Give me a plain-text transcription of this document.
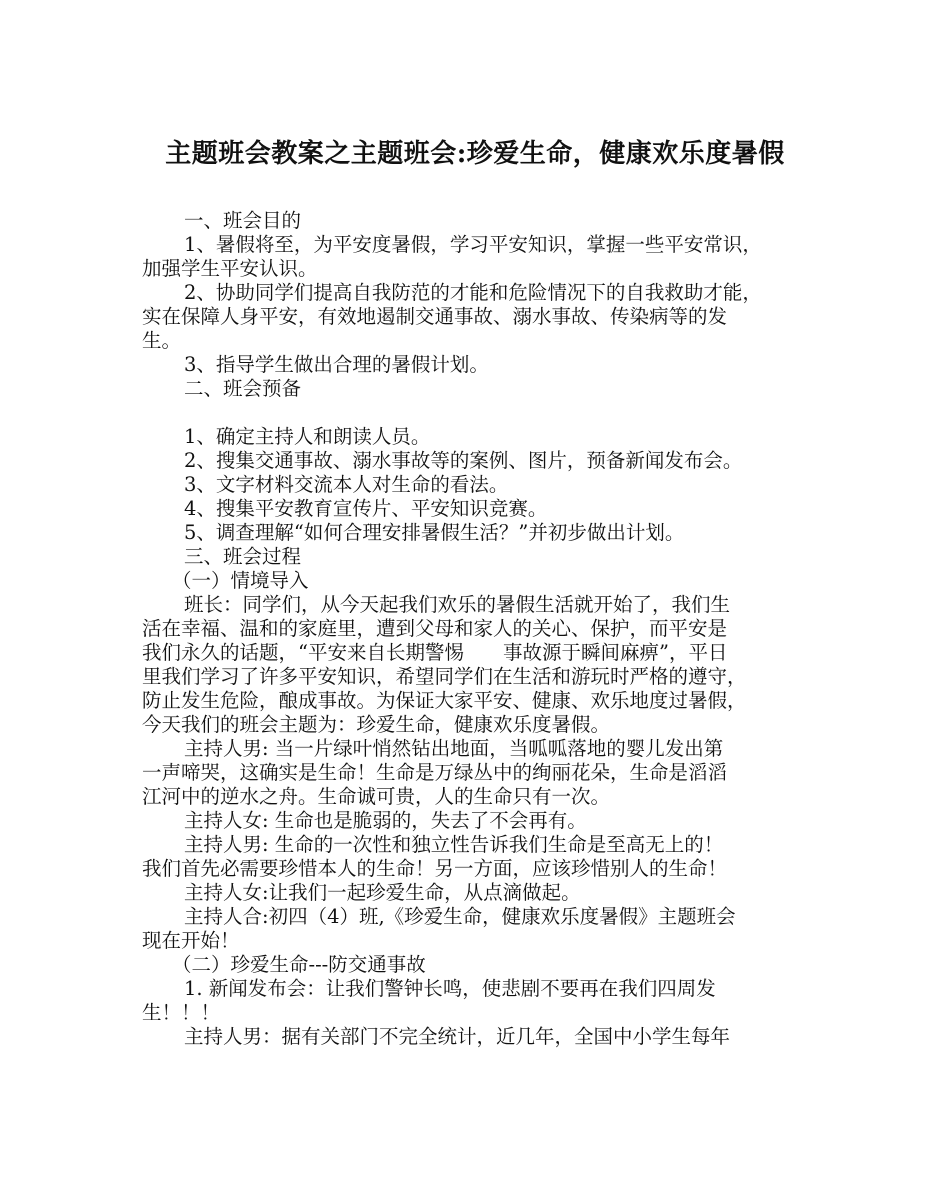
主题班会教案之主题班会:珍爱生命，健康欢乐度暑假
一、班会目的
1、暑假将至，为平安度暑假，学习平安知识，掌握一些平安常识，
加强学生平安认识。
2、协助同学们提高自我防范的才能和危险情况下的自我救助才能，
实在保障人身平安，有效地遏制交通事故、溺水事故、传染病等的发
生。
3、指导学生做出合理的暑假计划。
二、班会预备
1、确定主持人和朗读人员。
2、搜集交通事故、溺水事故等的案例、图片，预备新闻发布会。
3、文字材料交流本人对生命的看法。
4、搜集平安教育宣传片、平安知识竞赛。
5、调查理解“如何合理安排暑假生活？”并初步做出计划。
三、班会过程
（一）情境导入
班长：同学们，从今天起我们欢乐的暑假生活就开始了，我们生
活在幸福、温和的家庭里，遭到父母和家人的关心、保护，而平安是
我们永久的话题，“平安来自长期警惕　　事故源于瞬间麻痹”，平日
里我们学习了许多平安知识，希望同学们在生活和游玩时严格的遵守，
防止发生危险，酿成事故。为保证大家平安、健康、欢乐地度过暑假，
今天我们的班会主题为：珍爱生命，健康欢乐度暑假。
主持人男: 当一片绿叶悄然钻出地面，当呱呱落地的婴儿发出第
一声啼哭，这确实是生命！生命是万绿丛中的绚丽花朵，生命是滔滔
江河中的逆水之舟。生命诚可贵，人的生命只有一次。
主持人女: 生命也是脆弱的，失去了不会再有。
主持人男: 生命的一次性和独立性告诉我们生命是至高无上的！
我们首先必需要珍惜本人的生命！另一方面，应该珍惜别人的生命！
主持人女:让我们一起珍爱生命，从点滴做起。
主持人合:初四（4）班,《珍爱生命，健康欢乐度暑假》主题班会
现在开始！
（二）珍爱生命---防交通事故
1. 新闻发布会：让我们警钟长鸣，使悲剧不要再在我们四周发
生！！！
主持人男：据有关部门不完全统计，近几年，全国中小学生每年
